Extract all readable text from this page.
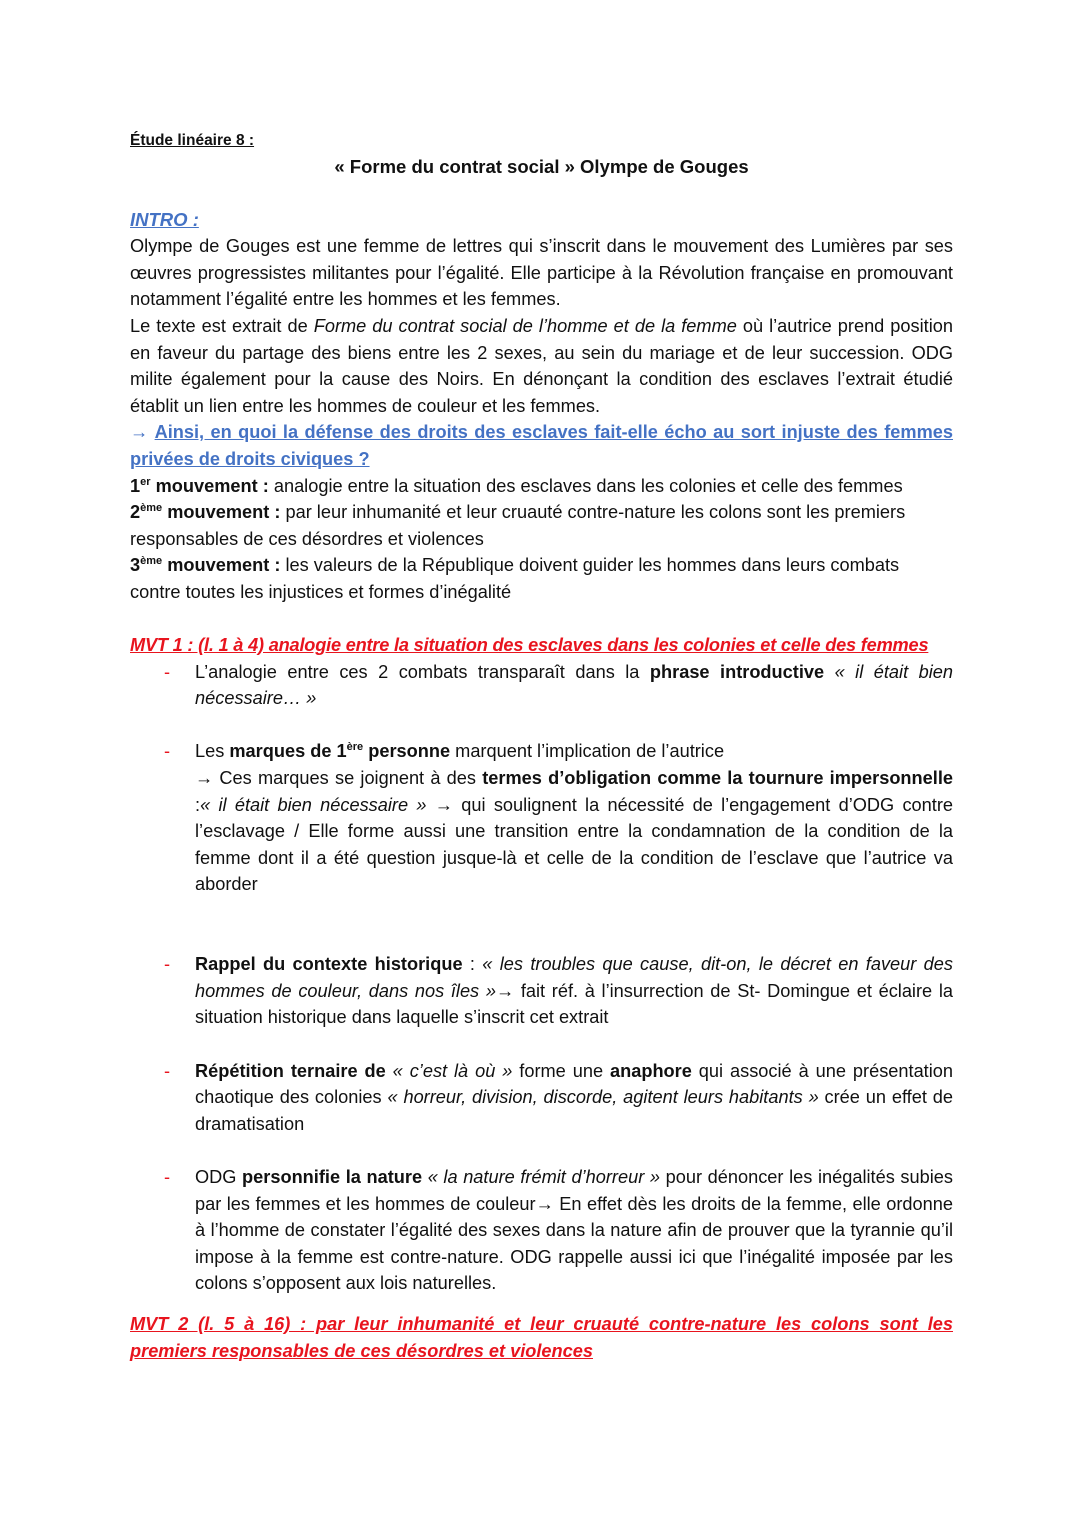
Étude linéaire 8 :

« Forme du contrat social » Olympe de Gouges

INTRO :

Olympe de Gouges est une femme de lettres qui s’inscrit dans le mouvement des Lumières par ses œuvres progressistes militantes pour l’égalité. Elle participe à la Révolution française en promouvant notamment l’égalité entre les hommes et les femmes.

Le texte est extrait de Forme du contrat social de l’homme et de la femme où l’autrice prend position en faveur du partage des biens entre les 2 sexes, au sein du mariage et de leur succession. ODG milite également pour la cause des Noirs. En dénonçant la condition des esclaves l’extrait étudié établit un lien entre les hommes de couleur et les femmes.

→ Ainsi, en quoi la défense des droits des esclaves fait-elle écho au sort injuste des femmes privées de droits civiques ?

1er mouvement : analogie entre la situation des esclaves dans les colonies et celle des femmes

2ème mouvement : par leur inhumanité et leur cruauté contre-nature les colons sont les premiers responsables de ces désordres et violences

3ème mouvement : les valeurs de la République doivent guider les hommes dans leurs combats contre toutes les injustices et formes d’inégalité

MVT 1 : (l. 1 à 4) analogie entre la situation des esclaves dans les colonies et celle des femmes

- L’analogie entre ces 2 combats transparaît dans la phrase introductive « il était bien nécessaire… »
- Les marques de 1ère personne marquent l’implication de l’autrice
→ Ces marques se joignent à des termes d’obligation comme la tournure impersonnelle :« il était bien nécessaire » → qui soulignent la nécessité de l’engagement d’ODG contre l’esclavage / Elle forme aussi une transition entre la condamnation de la condition de la femme dont il a été question jusque-là et celle de la condition de l’esclave que l’autrice va aborder
- Rappel du contexte historique : « les troubles que cause, dit-on, le décret en faveur des hommes de couleur, dans nos îles »→ fait réf. à l’insurrection de St- Domingue et éclaire la situation historique dans laquelle s’inscrit cet extrait
- Répétition ternaire de « c’est là où » forme une anaphore qui associé à une présentation chaotique des colonies « horreur, division, discorde, agitent leurs habitants » crée un effet de dramatisation
- ODG personnifie la nature « la nature frémit d’horreur » pour dénoncer les inégalités subies par les femmes et les hommes de couleur→ En effet dès les droits de la femme, elle ordonne à l’homme de constater l’égalité des sexes dans la nature afin de prouver que la tyrannie qu’il impose à la femme est contre-nature. ODG rappelle aussi ici que l’inégalité imposée par les colons s’opposent aux lois naturelles.

MVT 2 (l. 5 à 16) : par leur inhumanité et leur cruauté contre-nature les colons sont les premiers responsables de ces désordres et violences
